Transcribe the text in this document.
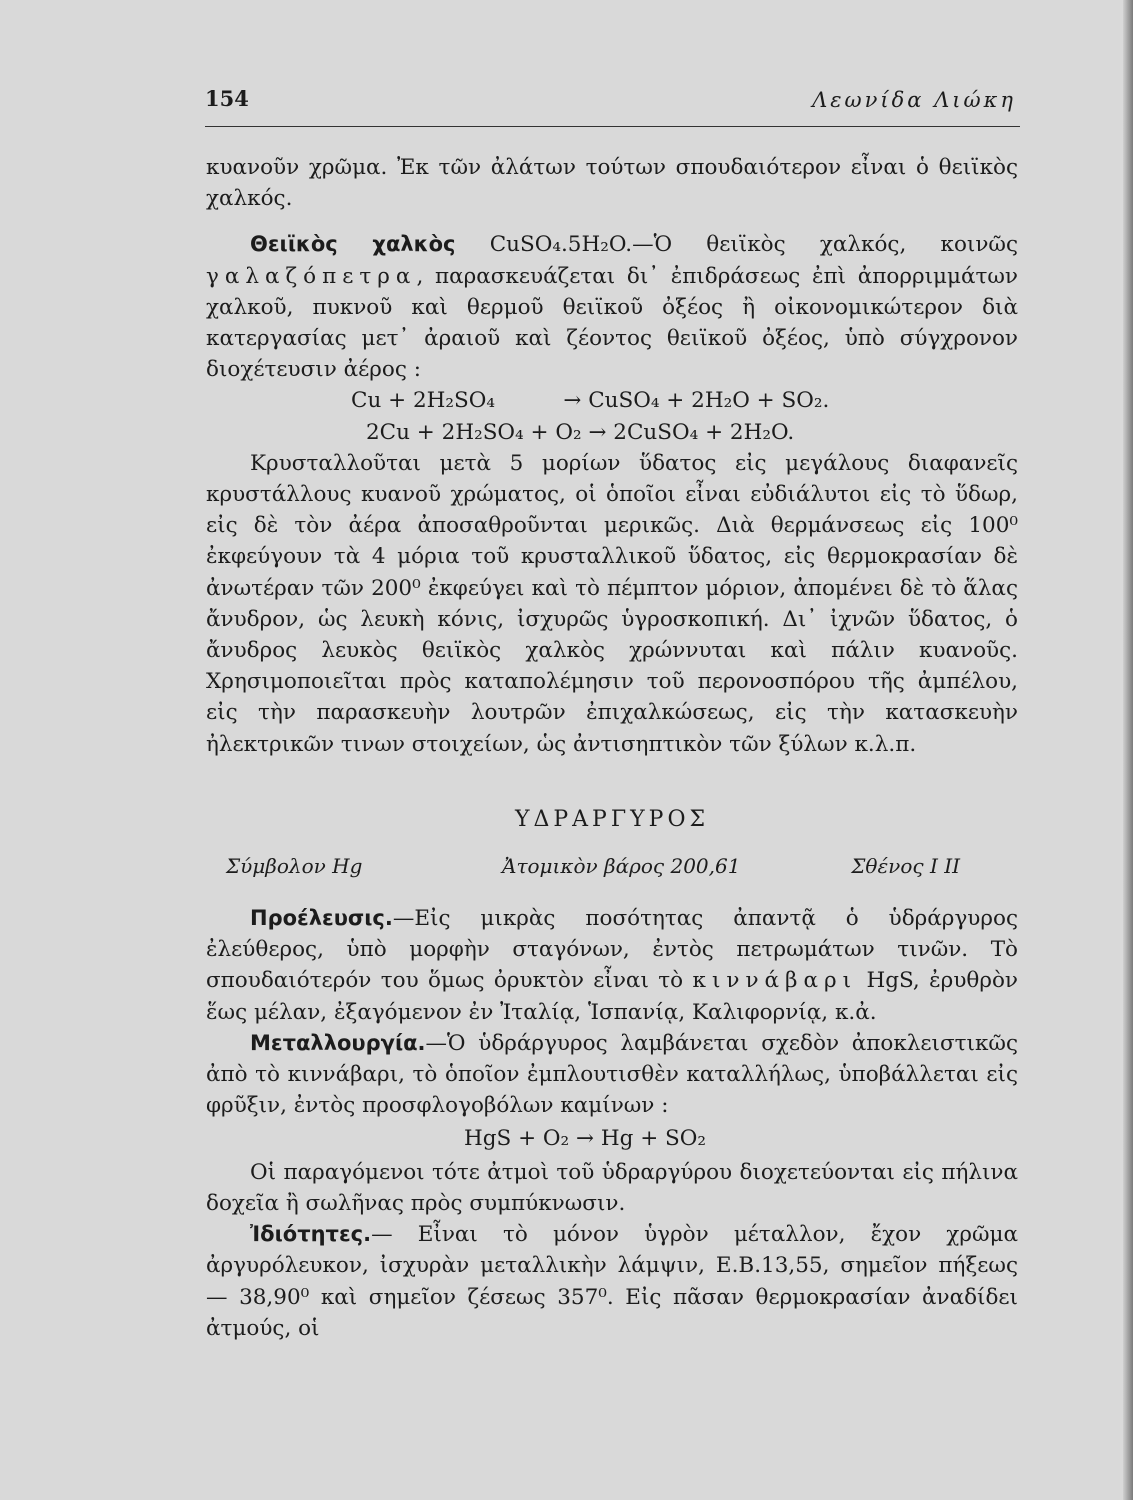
154	Λεωνίδα Λιώκη

κυανοῦν χρῶμα. Ἐκ τῶν ἀλάτων τούτων σπουδαιότερον εἶναι ὁ θειϊκὸς χαλκός.

Θειϊκὸς χαλκὸς CuSO₄.5H₂O.—Ὁ θειϊκὸς χαλκός, κοινῶς γαλαζόπετρα, παρασκευάζεται δι᾿ ἐπιδράσεως ἐπὶ ἀπορριμμάτων χαλκοῦ, πυκνοῦ καὶ θερμοῦ θειϊκοῦ ὀξέος ἢ οἰκονομικώτερον διὰ κατεργασίας μετ᾿ ἀραιοῦ καὶ ζέοντος θειϊκοῦ ὀξέος, ὑπὸ σύγχρονον διοχέτευσιν ἀέρος :

Cu + 2H₂SO₄          → CuSO₄ + 2H₂O + SO₂.

2Cu + 2H₂SO₄ + O₂ → 2CuSO₄ + 2H₂O.

Κρυσταλλοῦται μετὰ 5 μορίων ὕδατος εἰς μεγάλους διαφανεῖς κρυστάλλους κυανοῦ χρώματος, οἱ ὁποῖοι εἶναι εὐδιάλυτοι εἰς τὸ ὕδωρ, εἰς δὲ τὸν ἀέρα ἀποσαθροῦνται μερικῶς. Διὰ θερμάνσεως εἰς 100⁰ ἐκφεύγουν τὰ 4 μόρια τοῦ κρυσταλλικοῦ ὕδατος, εἰς θερμοκρασίαν δὲ ἀνωτέραν τῶν 200⁰ ἐκφεύγει καὶ τὸ πέμπτον μόριον, ἀπομένει δὲ τὸ ἅλας ἄνυδρον, ὡς λευκὴ κόνις, ἰσχυρῶς ὑγροσκοπική. Δι᾿ ἰχνῶν ὕδατος, ὁ ἄνυδρος λευκὸς θειϊκὸς χαλκὸς χρώννυται καὶ πάλιν κυανοῦς. Χρησιμοποιεῖται πρὸς καταπολέμησιν τοῦ περονοσπόρου τῆς ἀμπέλου, εἰς τὴν παρασκευὴν λουτρῶν ἐπιχαλκώσεως, εἰς τὴν κατασκευὴν ἠλεκτρικῶν τινων στοιχείων, ὡς ἀντισηπτικὸν τῶν ξύλων κ.λ.π.

ΥΔΡΑΡΓΥΡΟΣ
Σύμβολον Hg	Ἀτομικὸν βάρος 200,61	Σθένος I II

Προέλευσις.—Εἰς μικρὰς ποσότητας ἀπαντᾷ ὁ ὑδράργυρος ἐλεύθερος, ὑπὸ μορφὴν σταγόνων, ἐντὸς πετρωμάτων τινῶν. Τὸ σπουδαιότερόν του ὅμως ὀρυκτὸν εἶναι τὸ κιννάβαρι HgS, ἐρυθρὸν ἕως μέλαν, ἐξαγόμενον ἐν Ἰταλίᾳ, Ἱσπανίᾳ, Καλιφορνίᾳ, κ.ἀ.

Μεταλλουργία.—Ὁ ὑδράργυρος λαμβάνεται σχεδὸν ἀποκλειστικῶς ἀπὸ τὸ κιννάβαρι, τὸ ὁποῖον ἐμπλουτισθὲν καταλλήλως, ὑποβάλλεται εἰς φρῦξιν, ἐντὸς προσφλογοβόλων καμίνων :

HgS + O₂ → Hg + SO₂

Οἱ παραγόμενοι τότε ἀτμοὶ τοῦ ὑδραργύρου διοχετεύονται εἰς πήλινα δοχεῖα ἢ σωλῆνας πρὸς συμπύκνωσιν.

Ἰδιότητες.— Εἶναι τὸ μόνον ὑγρὸν μέταλλον, ἔχον χρῶμα ἀργυρόλευκον, ἰσχυρὰν μεταλλικὴν λάμψιν, Ε.Β.13,55, σημεῖον πήξεως — 38,90⁰ καὶ σημεῖον ζέσεως 357⁰. Εἰς πᾶσαν θερμοκρασίαν ἀναδίδει ἀτμούς, οἱ
